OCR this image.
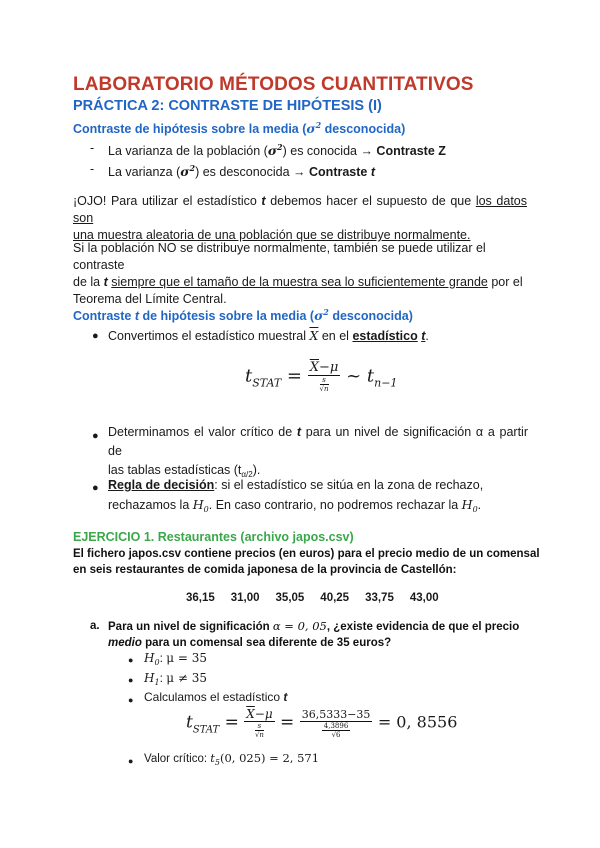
LABORATORIO MÉTODOS CUANTITATIVOS
PRÁCTICA 2: CONTRASTE DE HIPÓTESIS (I)
Contraste de hipótesis sobre la media ($\sigma^2$ desconocida)
- La varianza de la población $(\sigma^2)$ es conocida → Contraste Z
- La varianza $(\sigma^2)$ es desconocida → Contraste t
¡OJO! Para utilizar el estadístico t debemos hacer el supuesto de que los datos son
una muestra aleatoria de una población que se distribuye normalmente.
Si la población NO se distribuye normalmente, también se puede utilizar el contraste
de la t siempre que el tamaño de la muestra sea lo suficientemente grande por el
Teorema del Límite Central.
Contraste t de hipótesis sobre la media ($\sigma^2$ desconocida)
● Convertimos el estadístico muestral $\overline{X}$ en el estadístico t.
$t_{STAT} = \frac{\overline{X}-\mu}{\frac{s}{√n}}$ ~ $t_{n-1}$
● Determinamos el valor crítico de t para un nivel de significación α a partir de
las tablas estadísticas $(t_{\alpha/2})$.
● Regla de decisión: si el estadístico se sitúa en la zona de rechazo,
rechazamos la $H_0$. En caso contrario, no podremos rechazar la $H_0$.
EJERCICIO 1. Restaurantes (archivo japos.csv)
El fichero japos.csv contiene precios (en euros) para el precio medio de un comensal
en seis restaurantes de comida japonesa de la provincia de Castellón:
36,15 31,00 35,05 40,25 33,75 43,00
a. Para un nivel de significación α = 0, 05, ¿existe evidencia de que el precio
medio para un comensal sea diferente de 35 euros?
● $H_0$: μ = 35
● $H_1$: μ ≠ 35
● Calculamos el estadístico t
$t_{STAT} = \frac{\overline{X}-\mu}{\frac{s}{√n}} = \frac{36,5333-35}{\frac{4,3896}{√6}} = 0$, 8556
● Valor crítico: $t_5(0$, 025) = 2, 571
